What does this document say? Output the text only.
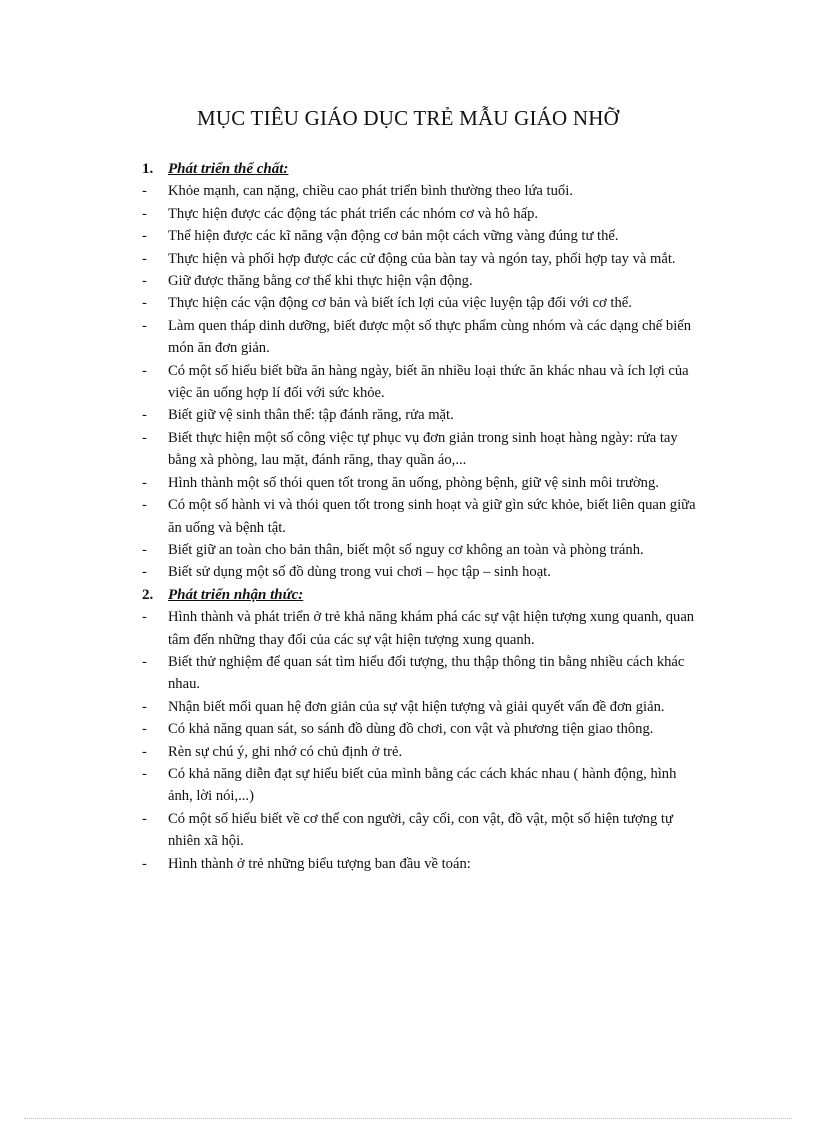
MỤC TIÊU GIÁO DỤC TRẺ MẪU GIÁO NHỠ
1. Phát triển thể chất:
-	Khỏe mạnh, can nặng, chiều cao phát triển bình thường theo lứa tuổi.
-	Thực hiện được các động tác phát triển các nhóm cơ và hô hấp.
-	Thể hiện được các kĩ năng vận động cơ bản một cách vững vàng đúng tư thế.
-	Thực hiện và phối hợp được các cử động của bàn tay và ngón tay, phối hợp tay và mắt.
-	Giữ được thăng bằng cơ thể khi thực hiện vận động.
-	Thực hiện các vận động cơ bản và biết ích lợi của việc luyện tập đối với cơ thể.
-	Làm quen tháp dinh dưỡng, biết được một số thực phẩm cùng nhóm và các dạng chế biến món ăn đơn giản.
-	Có một số hiểu biết bữa ăn hàng ngày, biết ăn nhiều loại thức ăn khác nhau và ích lợi của việc ăn uống hợp lí đối với sức khỏe.
-	Biết giữ vệ sinh thân thể: tập đánh răng, rửa mặt.
-	Biết thực hiện một số công việc tự phục vụ đơn giản trong sinh hoạt hàng ngày: rửa tay bằng xà phòng, lau mặt, đánh răng, thay quần áo,...
-	Hình thành một số thói quen tốt trong ăn uống, phòng bệnh, giữ vệ sinh môi trường.
-	Có một số hành vi và thói quen tốt trong sinh hoạt và giữ gìn sức khỏe, biết liên quan giữa ăn uống và bệnh tật.
-	Biết giữ an toàn cho bản thân, biết một số nguy cơ không an toàn và phòng tránh.
-	Biết sử dụng một số đồ dùng trong vui chơi – học tập – sinh hoạt.
2. Phát triển nhận thức:
-	Hình thành và phát triển ở trẻ khả năng khám phá các sự vật hiện tượng xung quanh, quan tâm đến những thay đổi của các sự vật hiện tượng xung quanh.
-	Biết thử nghiệm để quan sát tìm hiểu đối tượng, thu thập thông tin bằng nhiều cách khác nhau.
-	Nhận biết mối quan hệ đơn giản của sự vật hiện tượng và giải quyết vấn đề đơn giản.
-	Có khả năng quan sát, so sánh đồ dùng đồ chơi, con vật và phương tiện giao thông.
-	Rèn sự chú ý, ghi nhớ có chủ định ở trẻ.
-	Có khả năng diễn đạt sự hiểu biết của mình bằng các cách khác nhau ( hành động, hình ảnh, lời nói,...)
-	Có một số hiểu biết về cơ thể con người, cây cối, con vật, đồ vật, một số hiện tượng tự nhiên xã hội.
-	Hình thành ở trẻ những biểu tượng ban đầu về toán:
